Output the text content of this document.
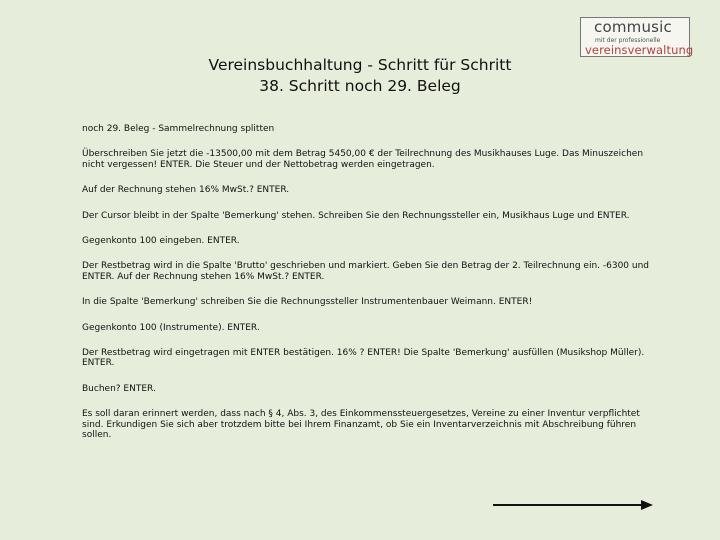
commusic
mit der professionelle
vereinsverwaltung
Vereinsbuchhaltung - Schritt für Schritt
38. Schritt noch 29. Beleg

noch 29. Beleg - Sammelrechnung splitten

Überschreiben Sie jetzt die -13500,00 mit dem Betrag 5450,00 € der Teilrechnung des Musikhauses Luge. Das Minuszeichen nicht vergessen! ENTER. Die Steuer und der Nettobetrag werden eingetragen.

Auf der Rechnung stehen 16% MwSt.? ENTER.

Der Cursor bleibt in der Spalte 'Bemerkung' stehen. Schreiben Sie den Rechnungssteller ein, Musikhaus Luge und ENTER.

Gegenkonto 100 eingeben. ENTER.

Der Restbetrag wird in die Spalte 'Brutto' geschrieben und markiert. Geben Sie den Betrag der 2. Teilrechnung ein. -6300 und ENTER. Auf der Rechnung stehen 16% MwSt.? ENTER.

In die Spalte 'Bemerkung' schreiben Sie die Rechnungssteller Instrumentenbauer Weimann. ENTER!

Gegenkonto 100 (Instrumente). ENTER.

Der Restbetrag wird eingetragen mit ENTER bestätigen. 16% ? ENTER! Die Spalte 'Bemerkung' ausfüllen (Musikshop Müller). ENTER.

Buchen? ENTER.

Es soll daran erinnert werden, dass nach § 4, Abs. 3, des Einkommenssteuergesetzes, Vereine zu einer Inventur verpflichtet sind. Erkundigen Sie sich aber trotzdem bitte bei Ihrem Finanzamt, ob Sie ein Inventarverzeichnis mit Abschreibung führen sollen.
